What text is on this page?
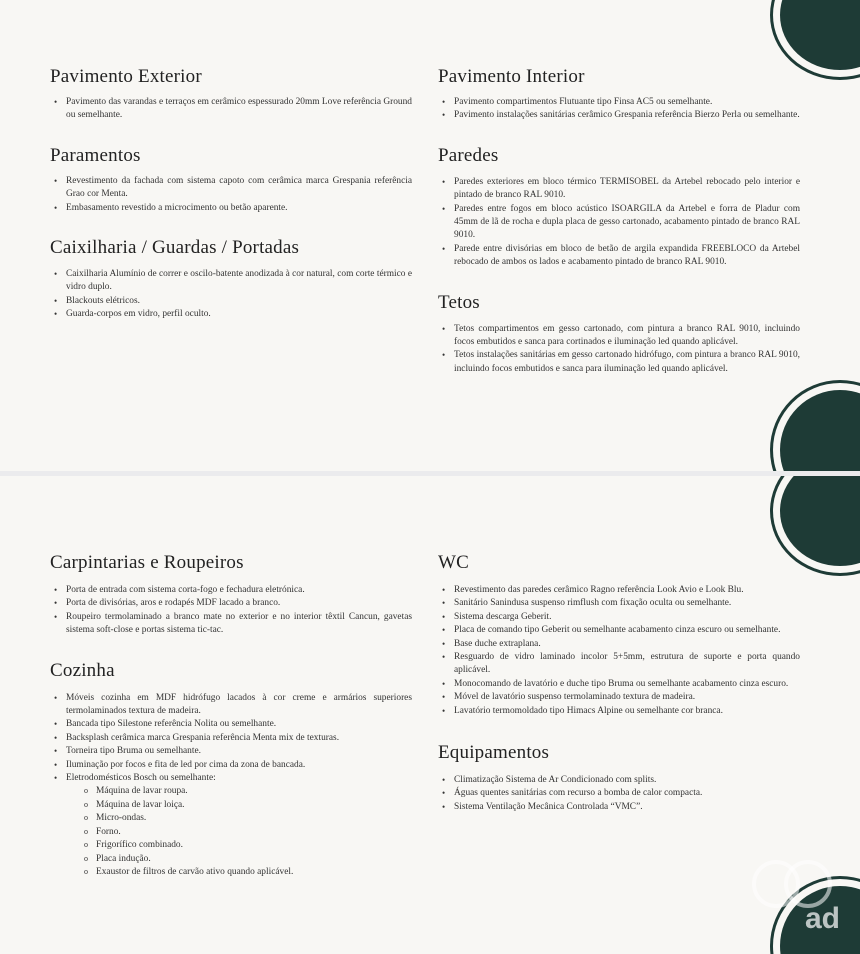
Pavimento Exterior
• Pavimento das varandas e terraços em cerâmico espessurado 20mm Love referência Ground ou semelhante.
Paramentos
• Revestimento da fachada com sistema capoto com cerâmica marca Grespania referência Grao cor Menta.
• Embasamento revestido a microcimento ou betão aparente.
Caixilharia / Guardas / Portadas
• Caixilharia Alumínio de correr e oscilo-batente anodizada à cor natural, com corte térmico e vidro duplo.
• Blackouts elétricos.
• Guarda-corpos em vidro, perfil oculto.
Pavimento Interior
• Pavimento compartimentos Flutuante tipo Finsa AC5 ou semelhante.
• Pavimento instalações sanitárias cerâmico Grespania referência Bierzo Perla ou semelhante.
Paredes
• Paredes exteriores em bloco térmico TERMISOBEL da Artebel rebocado pelo interior e pintado de branco RAL 9010.
• Paredes entre fogos em bloco acústico ISOARGILA da Artebel e forra de Pladur com 45mm de lã de rocha e dupla placa de gesso cartonado, acabamento pintado de branco RAL 9010.
• Parede entre divisórias em bloco de betão de argila expandida FREEBLOCO da Artebel rebocado de ambos os lados e acabamento pintado de branco RAL 9010.
Tetos
• Tetos compartimentos em gesso cartonado, com pintura a branco RAL 9010, incluindo focos embutidos e sanca para cortinados e iluminação led quando aplicável.
• Tetos instalações sanitárias em gesso cartonado hidrófugo, com pintura a branco RAL 9010, incluindo focos embutidos e sanca para iluminação led quando aplicável.
ad
Carpintarias e Roupeiros
• Porta de entrada com sistema corta-fogo e fechadura eletrónica.
• Porta de divisórias, aros e rodapés MDF lacado a branco.
• Roupeiro termolaminado a branco mate no exterior e no interior têxtil Cancun, gavetas sistema soft-close e portas sistema tic-tac.
Cozinha
• Móveis cozinha em MDF hidrófugo lacados à cor creme e armários superiores termolaminados textura de madeira.
• Bancada tipo Silestone referência Nolita ou semelhante.
• Backsplash cerâmica marca Grespania referência Menta mix de texturas.
• Torneira tipo Bruma ou semelhante.
• Iluminação por focos e fita de led por cima da zona de bancada.
• Eletrodomésticos Bosch ou semelhante:
o Máquina de lavar roupa.
o Máquina de lavar loiça.
o Micro-ondas.
o Forno.
o Frigorífico combinado.
o Placa indução.
o Exaustor de filtros de carvão ativo quando aplicável.
WC
• Revestimento das paredes cerâmico Ragno referência Look Avio e Look Blu.
• Sanitário Sanindusa suspenso rimflush com fixação oculta ou semelhante.
• Sistema descarga Geberit.
• Placa de comando tipo Geberit ou semelhante acabamento cinza escuro ou semelhante.
• Base duche extraplana.
• Resguardo de vidro laminado incolor 5+5mm, estrutura de suporte e porta quando aplicável.
• Monocomando de lavatório e duche tipo Bruma ou semelhante acabamento cinza escuro.
• Móvel de lavatório suspenso termolaminado textura de madeira.
• Lavatório termomoldado tipo Himacs Alpine ou semelhante cor branca.
Equipamentos
• Climatização Sistema de Ar Condicionado com splits.
• Águas quentes sanitárias com recurso a bomba de calor compacta.
• Sistema Ventilação Mecânica Controlada “VMC”.
